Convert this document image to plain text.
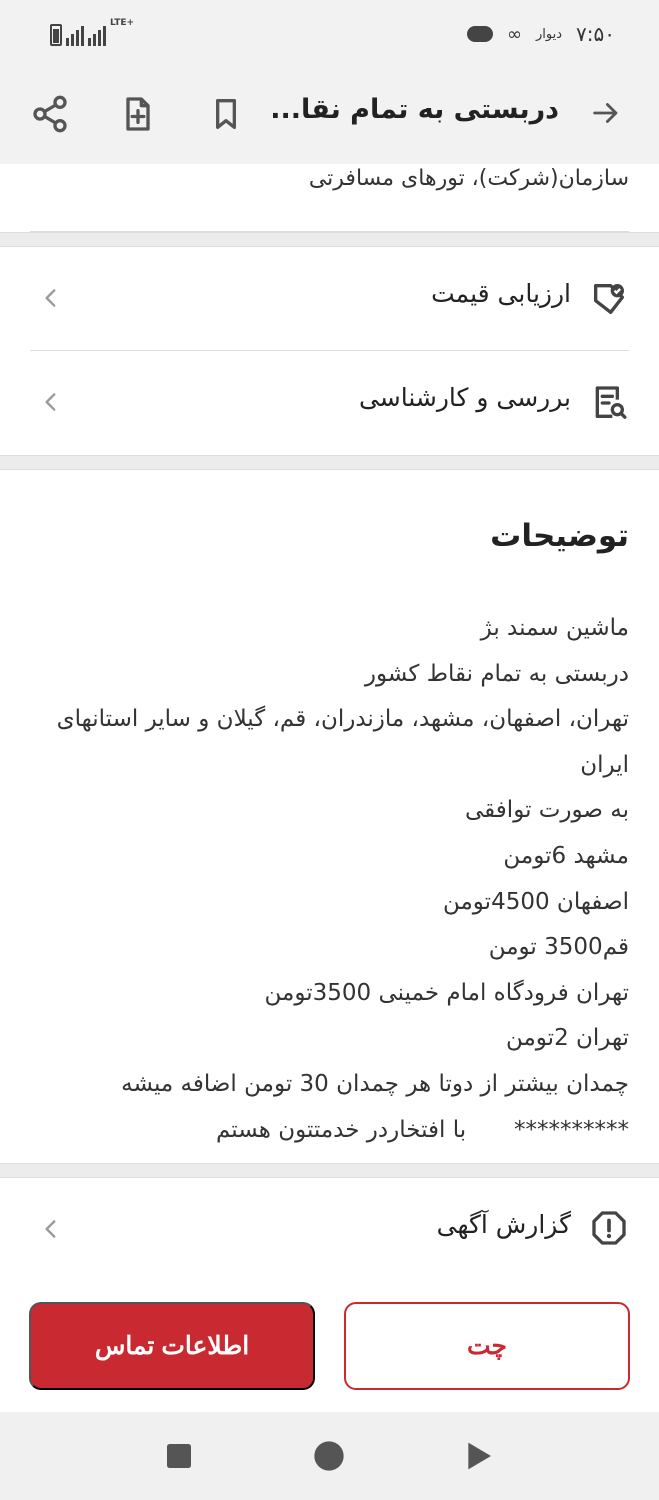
LTE+
∞ دیوار ۷:۵۰
دربستی به تمام نقا...
سازمان(شرکت)، تورهای مسافرتی
ارزیابی قیمت
بررسی و کارشناسی
توضیحات
ماشین سمند بژ
دربستی به تمام نقاط کشور
تهران، اصفهان، مشهد، مازندران، قم، گیلان و سایر استانهای
ایران
به صورت توافقی
مشهد 6تومن
اصفهان 4500تومن
قم3500 تومن
تهران فرودگاه امام خمینی 3500تومن
تهران 2تومن
چمدان بیشتر از دوتا هر چمدان 30 تومن اضافه میشه
**********
با افتخاردر خدمتتون هستم
گزارش آگهی
اطلاعات تماس	چت
